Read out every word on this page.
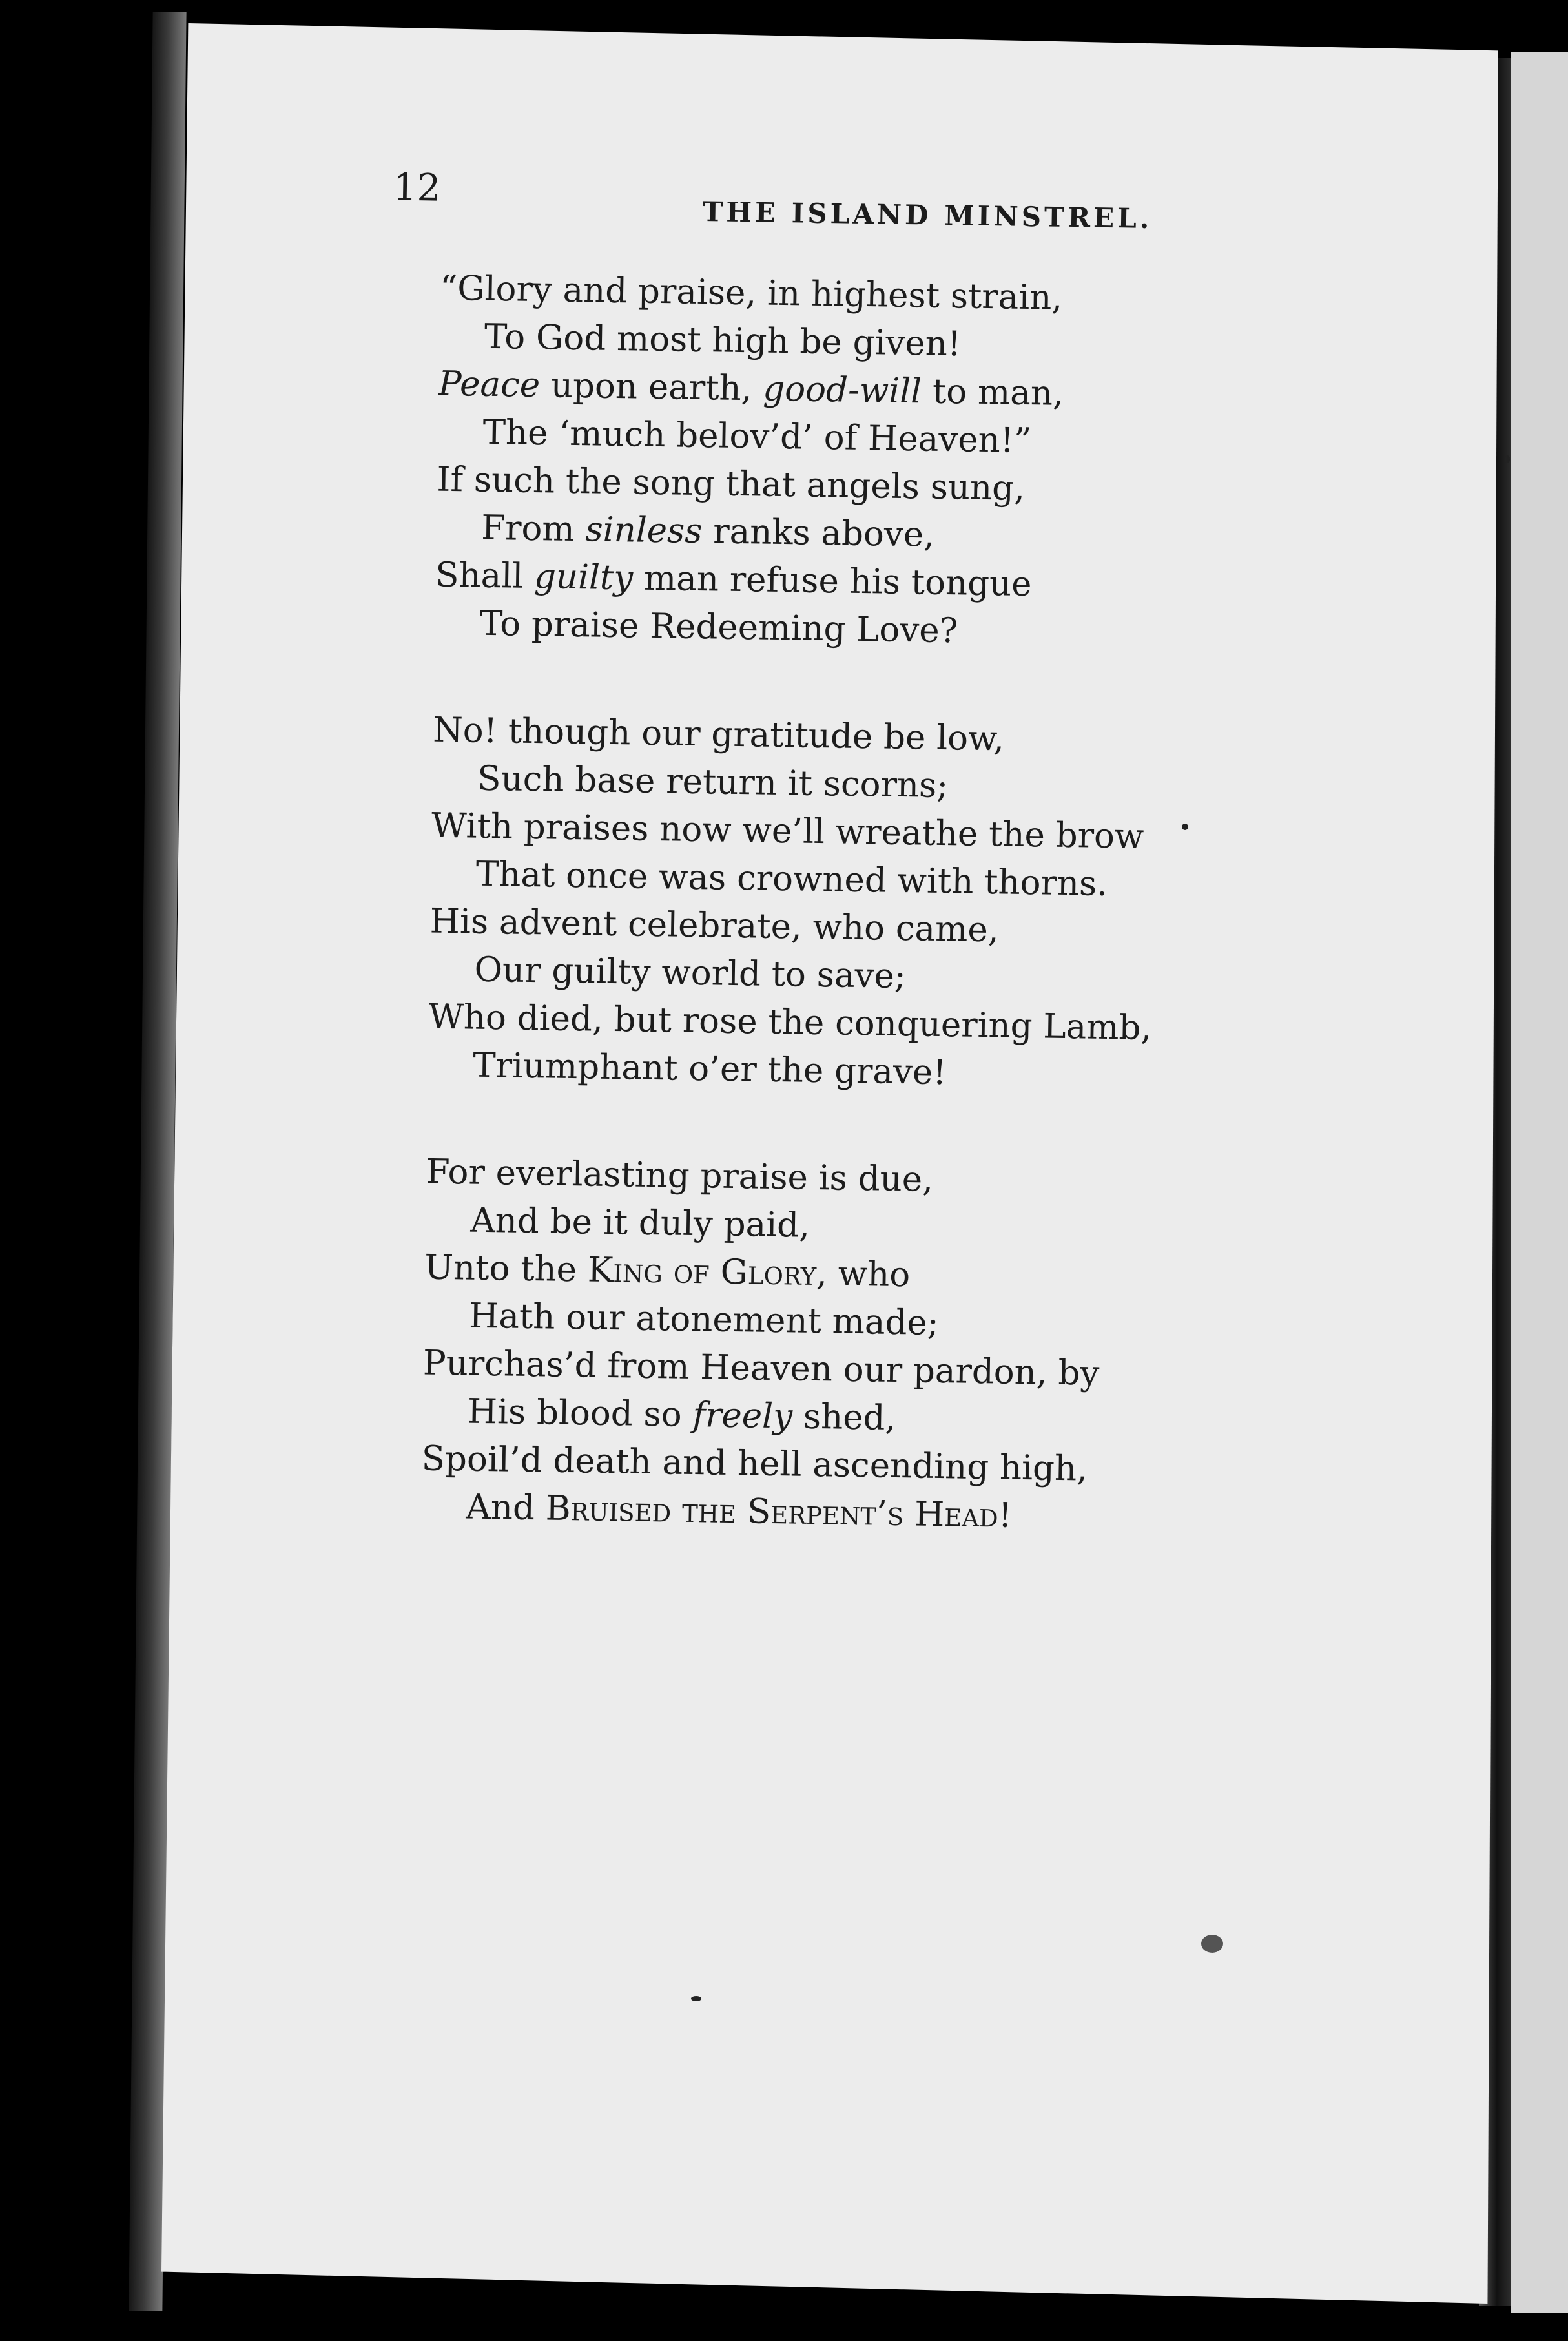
12

THE ISLAND MINSTREL.

“Glory and praise, in highest strain,
To God most high be given!
Peace upon earth, good-will to man,
The ‘much belov’d’ of Heaven!”
If such the song that angels sung,
From sinless ranks above,
Shall guilty man refuse his tongue
To praise Redeeming Love?
No! though our gratitude be low,
Such base return it scorns;
With praises now we’ll wreathe the brow
That once was crowned with thorns.
His advent celebrate, who came,
Our guilty world to save;
Who died, but rose the conquering Lamb,
Triumphant o’er the grave!
For everlasting praise is due,
And be it duly paid,
Unto the King of Glory, who
Hath our atonement made;
Purchas’d from Heaven our pardon, by
His blood so freely shed,
Spoil’d death and hell ascending high,
And Bruised the Serpent’s Head!
